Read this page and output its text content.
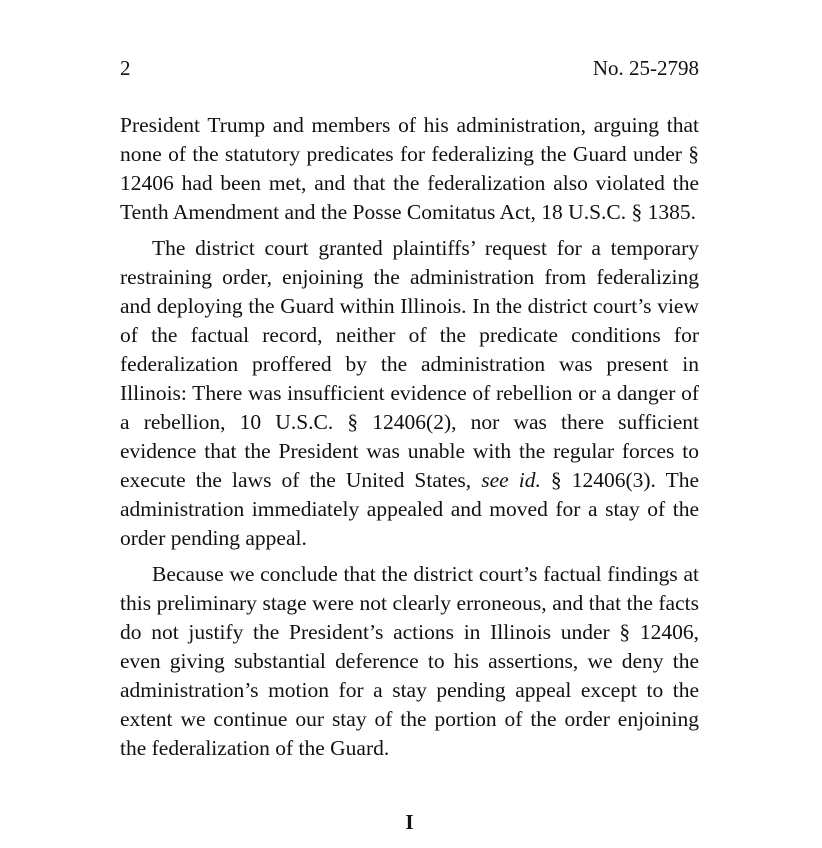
2	No. 25-2798

President Trump and members of his administration, arguing that none of the statutory predicates for federalizing the Guard under § 12406 had been met, and that the federalization also violated the Tenth Amendment and the Posse Comitatus Act, 18 U.S.C. § 1385.

The district court granted plaintiffs’ request for a temporary restraining order, enjoining the administration from federalizing and deploying the Guard within Illinois. In the district court’s view of the factual record, neither of the predicate conditions for federalization proffered by the administration was present in Illinois: There was insufficient evidence of rebellion or a danger of a rebellion, 10 U.S.C. § 12406(2), nor was there sufficient evidence that the President was unable with the regular forces to execute the laws of the United States, see id. § 12406(3). The administration immediately appealed and moved for a stay of the order pending appeal.

Because we conclude that the district court’s factual findings at this preliminary stage were not clearly erroneous, and that the facts do not justify the President’s actions in Illinois under § 12406, even giving substantial deference to his assertions, we deny the administration’s motion for a stay pending appeal except to the extent we continue our stay of the portion of the order enjoining the federalization of the Guard.

I
